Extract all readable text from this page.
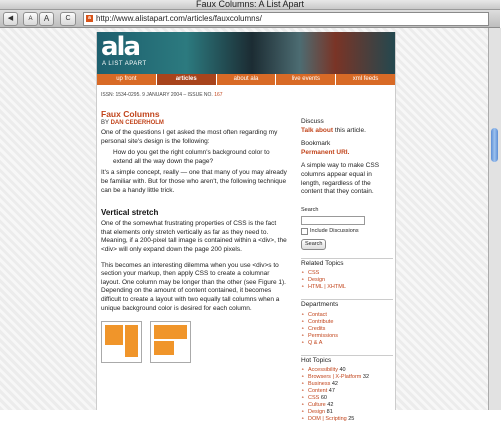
Faux Columns: A List Apart
◀	A	A	C	a http://www.alistapart.com/articles/fauxcolumns/
ala
A LIST APART
up front	articles	about ala	live events	xml feeds
ISSN: 1534-0295. 9 JANUARY 2004 – ISSUE NO. 167
Faux Columns
BY DAN CEDERHOLM

One of the questions I get asked the most often regarding my personal site's design is the following:

How do you get the right column's background color to extend all the way down the page?

It's a simple concept, really — one that many of you may already be familiar with. But for those who aren't, the following technique can be a handy little trick.

Vertical stretch

One of the somewhat frustrating properties of CSS is the fact that elements only stretch vertically as far as they need to. Meaning, if a 200-pixel tall image is contained within a <div>, the <div> will only expand down the page 200 pixels.

This becomes an interesting dilemma when you use <div>s to section your markup, then apply CSS to create a columnar layout. One column may be longer than the other (see Figure 1). Depending on the amount of content contained, it becomes difficult to create a layout with two equally tall columns when a unique background color is desired for each column.

Discuss
Talk about this article.
Bookmark
Permanent URI.
A simple way to make CSS columns appear equal in length, regardless of the content that they contain.
Search
Include Discussions
Search
Related Topics
∘ CSS
∘ Design
∘ HTML | XHTML
Departments
∘ Contact
∘ Contribute
∘ Credits
∘ Permissions
∘ Q & A
Hot Topics
∘ Accessibility 40
∘ Browsers | X-Platform 32
∘ Business 42
∘ Content 47
∘ CSS 60
∘ Culture 42
∘ Design 81
∘ DOM | Scripting 25
